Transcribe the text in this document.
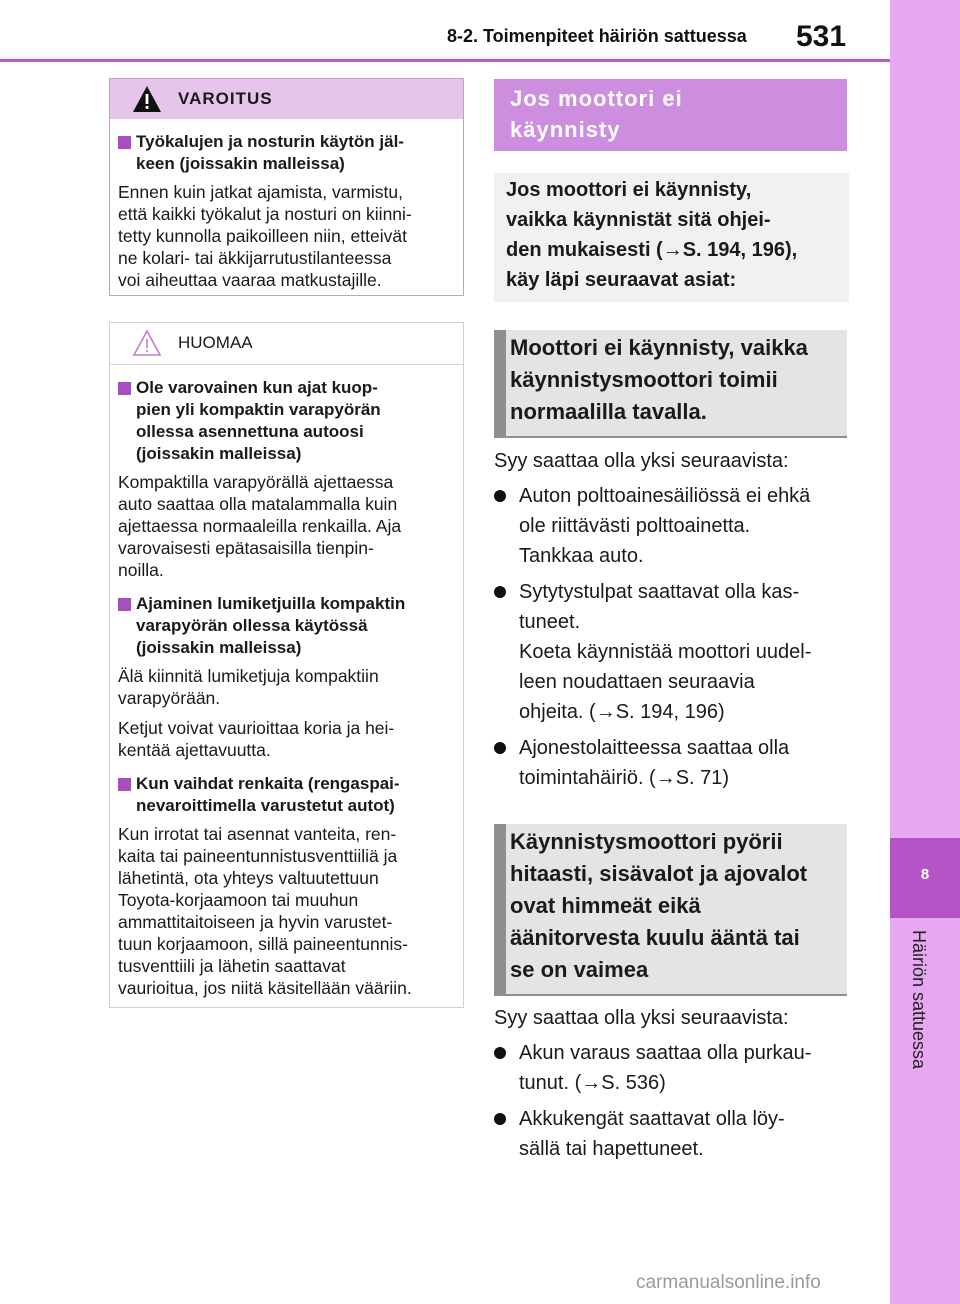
8-2. Toimenpiteet häiriön sattuessa 531
8
Häiriön sattuessa
VAROITUS
Työkalujen ja nosturin käytön jäl-
keen (joissakin malleissa)
Ennen kuin jatkat ajamista, varmistu,
että kaikki työkalut ja nosturi on kiinni-
tetty kunnolla paikoilleen niin, etteivät
ne kolari- tai äkkijarrutustilanteessa
voi aiheuttaa vaaraa matkustajille.
HUOMAA
Ole varovainen kun ajat kuop-
pien yli kompaktin varapyörän
ollessa asennettuna autoosi
(joissakin malleissa)
Kompaktilla varapyörällä ajettaessa
auto saattaa olla matalammalla kuin
ajettaessa normaaleilla renkailla. Aja
varovaisesti epätasaisilla tienpin-
noilla.
Ajaminen lumiketjuilla kompaktin
varapyörän ollessa käytössä
(joissakin malleissa)
Älä kiinnitä lumiketjuja kompaktiin
varapyörään.
Ketjut voivat vaurioittaa koria ja hei-
kentää ajettavuutta.
Kun vaihdat renkaita (rengaspai-
nevaroittimella varustetut autot)
Kun irrotat tai asennat vanteita, ren-
kaita tai paineentunnistusventtiiliä ja
lähetintä, ota yhteys valtuutettuun
Toyota-korjaamoon tai muuhun
ammattitaitoiseen ja hyvin varustet-
tuun korjaamoon, sillä paineentunnis-
tusventtiili ja lähetin saattavat
vaurioitua, jos niitä käsitellään vääriin.
Jos moottori ei
käynnisty
Jos moottori ei käynnisty,
vaikka käynnistät sitä ohjei-
den mukaisesti (→S. 194, 196),
käy läpi seuraavat asiat:
Moottori ei käynnisty, vaikka
käynnistysmoottori toimii
normaalilla tavalla.
Syy saattaa olla yksi seuraavista:
Auton polttoainesäiliössä ei ehkä
ole riittävästi polttoainetta.
Tankkaa auto.
Sytytystulpat saattavat olla kas-
tuneet.
Koeta käynnistää moottori uudel-
leen noudattaen seuraavia
ohjeita. (→S. 194, 196)
Ajonestolaitteessa saattaa olla
toimintahäiriö. (→S. 71)
Käynnistysmoottori pyörii
hitaasti, sisävalot ja ajovalot
ovat himmeät eikä
äänitorvesta kuulu ääntä tai
se on vaimea
Syy saattaa olla yksi seuraavista:
Akun varaus saattaa olla purkau-
tunut. (→S. 536)
Akkukengät saattavat olla löy-
sällä tai hapettuneet.
carmanualsonline.info
